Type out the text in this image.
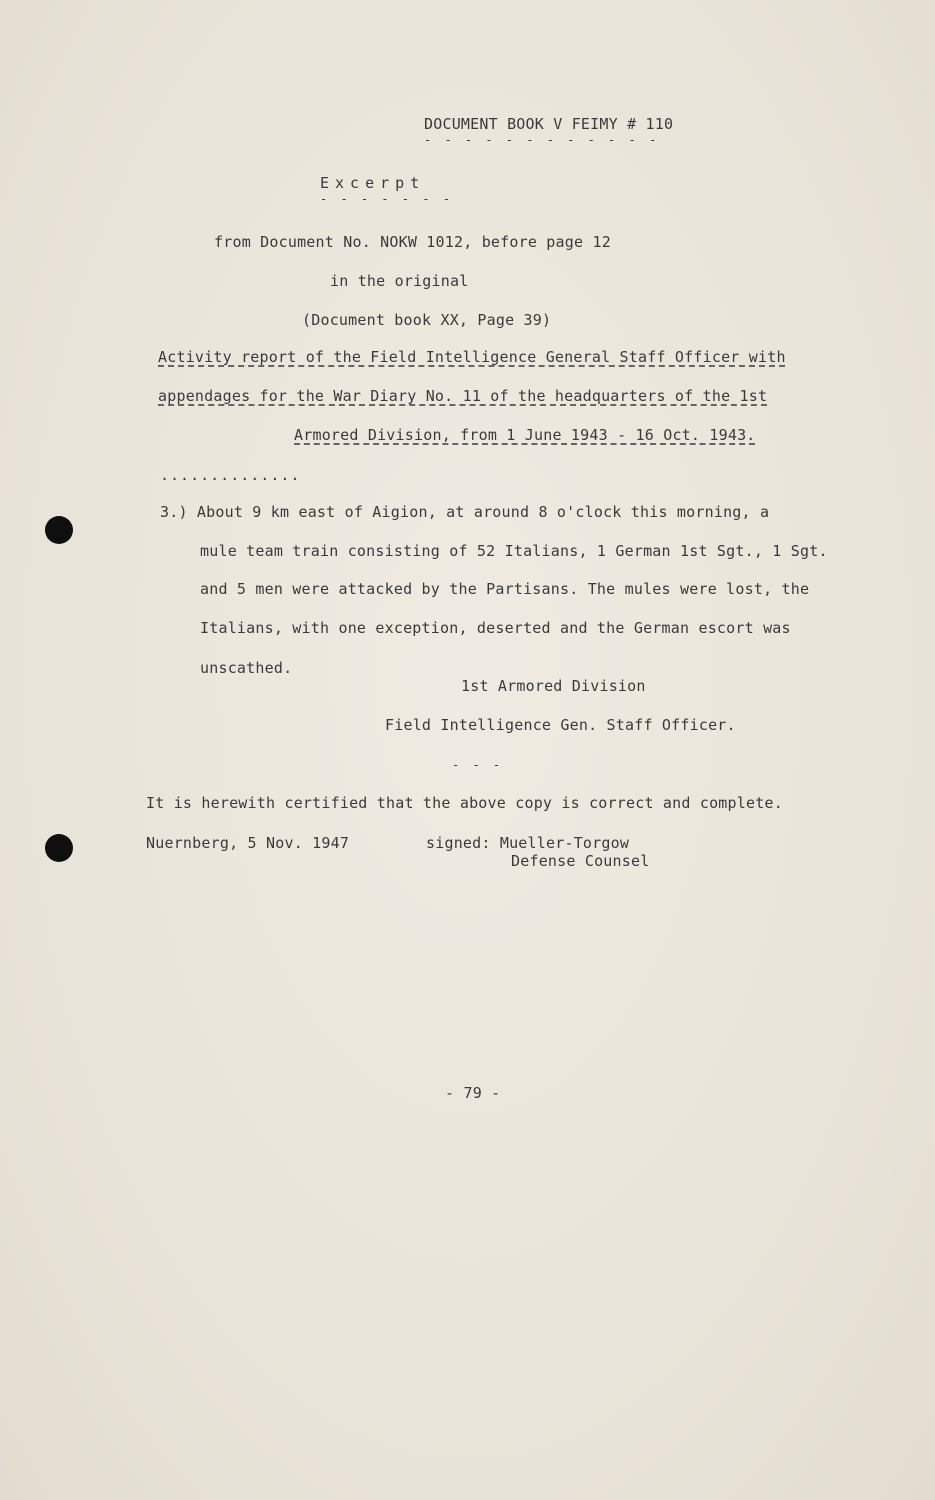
DOCUMENT BOOK V FEIMY # 110
- - - - - - - - - - - -
Excerpt
- - - - - - -
from Document No. NOKW 1012, before page 12
in the original
(Document book XX, Page 39)
Activity report of the Field Intelligence General Staff Officer with
appendages for the War Diary No. 11 of the headquarters of the 1st
Armored Division, from 1 June 1943 - 16 Oct. 1943.
..............
3.) About 9 km east of Aigion, at around 8 o'clock this morning, a
mule team train consisting of 52 Italians, 1 German 1st Sgt., 1 Sgt.
and 5 men were attacked by the Partisans. The mules were lost, the
Italians, with one exception, deserted and the German escort was
unscathed.
1st Armored Division
Field Intelligence Gen. Staff Officer.
- - -
It is herewith certified that the above copy is correct and complete.
Nuernberg, 5 Nov. 1947	signed: Mueller-Torgow
Defense Counsel
- 79 -
